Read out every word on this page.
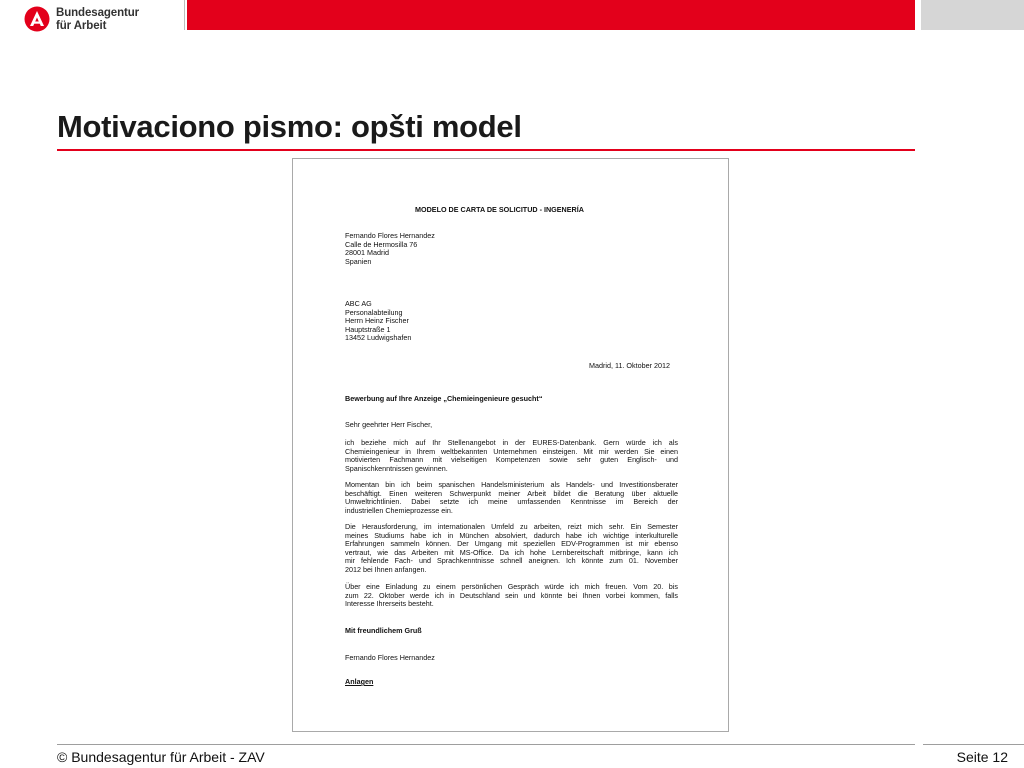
Bundesagentur
für Arbeit
Motivaciono pismo: opšti model
MODELO DE CARTA DE SOLICITUD - INGENERÍA
Fernando Flores Hernandez
Calle de Hermosilla 76
28001 Madrid
Spanien
ABC AG
Personalabteilung
Herrn Heinz Fischer
Hauptstraße 1
13452 Ludwigshafen
Madrid, 11. Oktober 2012
Bewerbung auf Ihre Anzeige „Chemieingenieure gesucht“
Sehr geehrter Herr Fischer,
ich beziehe mich auf Ihr Stellenangebot in der EURES-Datenbank. Gern würde ich als
Chemieingenieur in Ihrem weltbekannten Unternehmen einsteigen. Mit mir werden Sie einen
motivierten Fachmann mit vielseitigen Kompetenzen sowie sehr guten Englisch- und
Spanischkenntnissen gewinnen.
Momentan bin ich beim spanischen Handelsministerium als Handels- und Investitionsberater
beschäftigt. Einen weiteren Schwerpunkt meiner Arbeit bildet die Beratung über aktuelle
Umweltrichtlinien. Dabei setzte ich meine umfassenden Kenntnisse im Bereich der
industriellen Chemieprozesse ein.
Die Herausforderung, im internationalen Umfeld zu arbeiten, reizt mich sehr. Ein Semester
meines Studiums habe ich in München absolviert, dadurch habe ich wichtige interkulturelle
Erfahrungen sammeln können. Der Umgang mit speziellen EDV-Programmen ist mir ebenso
vertraut, wie das Arbeiten mit MS-Office. Da ich hohe Lernbereitschaft mitbringe, kann ich
mir fehlende Fach- und Sprachkenntnisse schnell aneignen. Ich könnte zum 01. November
2012 bei Ihnen anfangen.
Über eine Einladung zu einem persönlichen Gespräch würde ich mich freuen. Vom 20. bis
zum 22. Oktober werde ich in Deutschland sein und könnte bei Ihnen vorbei kommen, falls
Interesse Ihrerseits besteht.
Mit freundlichem Gruß
Fernando Flores Hernandez
Anlagen
© Bundesagentur für Arbeit - ZAV	Seite 12
